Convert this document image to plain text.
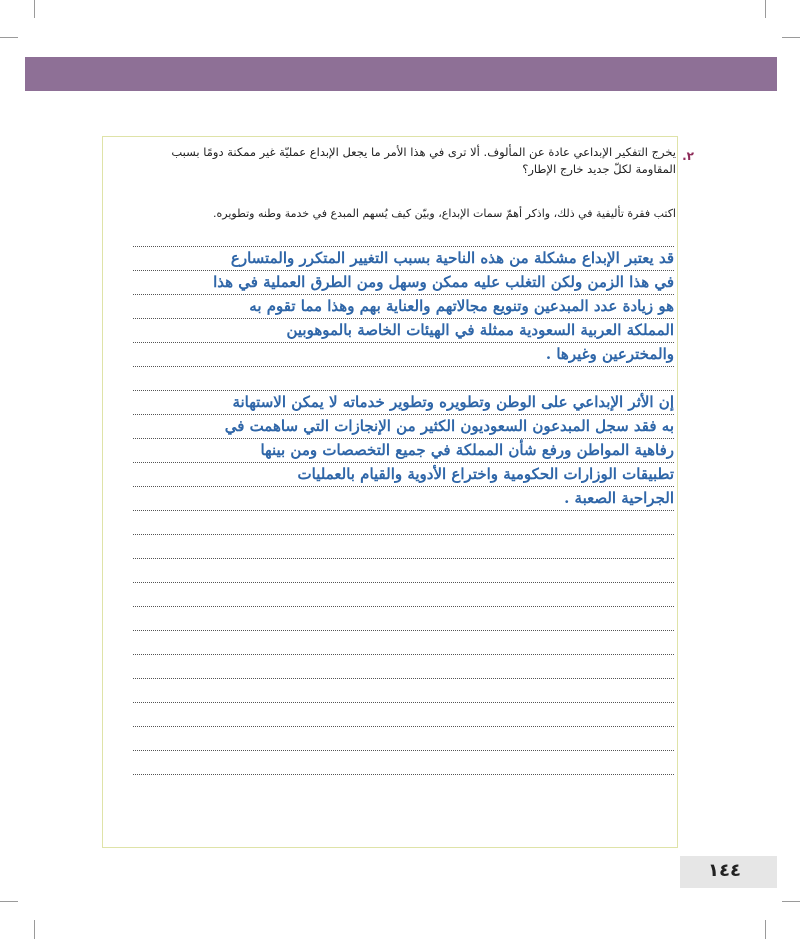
.٢
يخرج التفكير الإبداعي عادة عن المألوف. ألا ترى في هذا الأمر ما يجعل الإبداع عمليّة غير ممكنة دومًا بسبب
المقاومة لكلّ جديد خارج الإطار؟
اكتب فقرة تأليفية في ذلك، واذكر أهمّ سمات الإبداع، وبيّن كيف يُسهم المبدع في خدمة وطنه وتطويره.
قد يعتبر الإبداع مشكلة من هذه الناحية بسبب التغيير المتكرر والمتسارع
في هذا الزمن ولكن التغلب عليه ممكن وسهل ومن الطرق العملية في هذا
هو زيادة عدد المبدعين وتنويع مجالاتهم والعناية بهم وهذا مما تقوم به
المملكة العربية السعودية ممثلة في الهيئات الخاصة بالموهوبين
والمخترعين وغيرها .
إن الأثر الإبداعي على الوطن وتطويره وتطوير خدماته لا يمكن الاستهانة
به فقد سجل المبدعون السعوديون الكثير من الإنجازات التي ساهمت في
رفاهية المواطن ورفع شأن المملكة في جميع التخصصات ومن بينها
تطبيقات الوزارات الحكومية واختراع الأدوية والقيام بالعمليات
الجراحية الصعبة .
١٤٤
